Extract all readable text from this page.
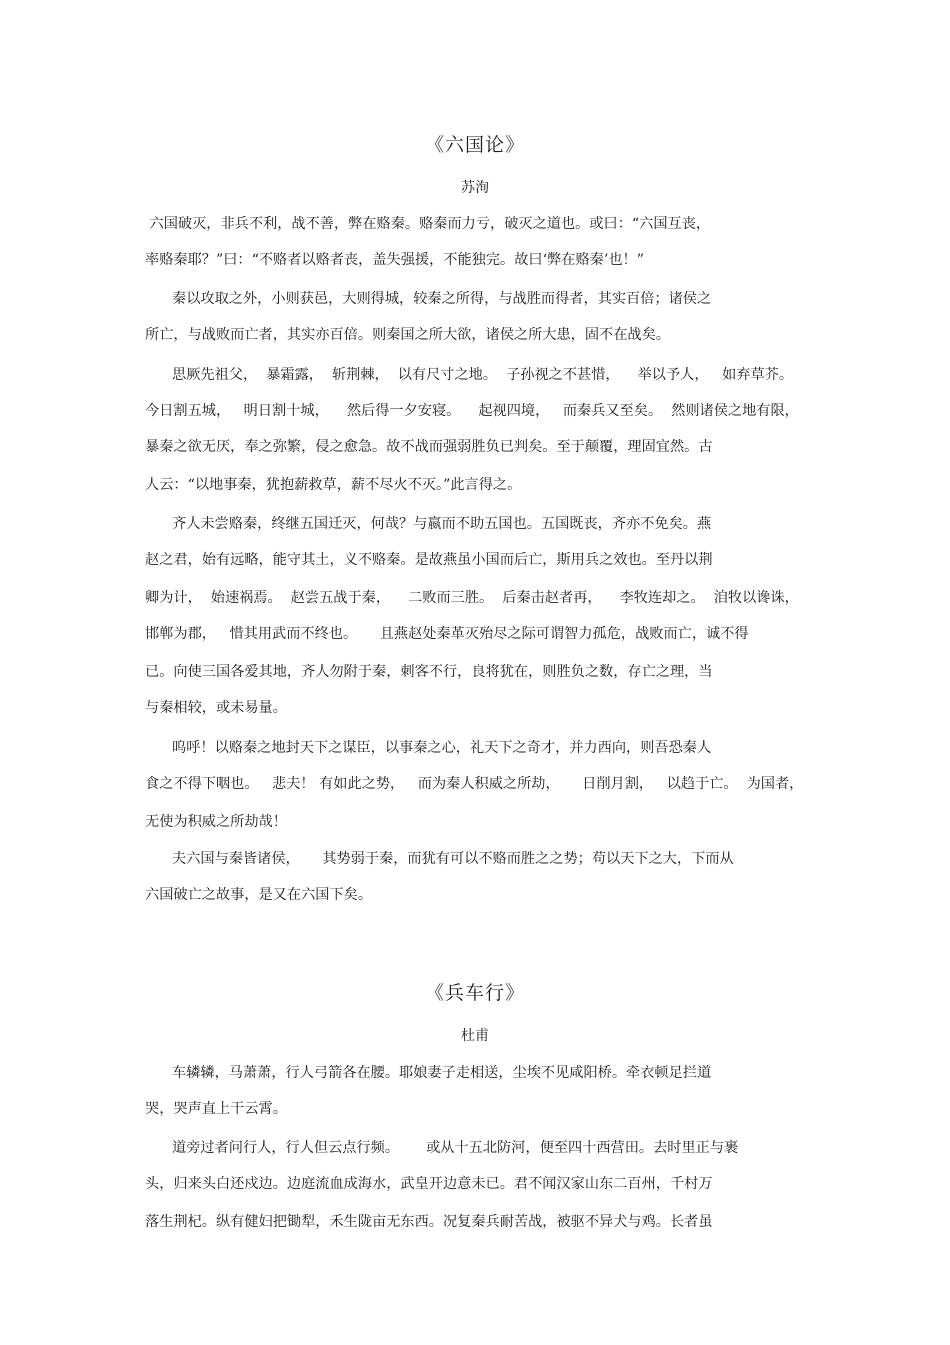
《六国论》
苏洵
六国破灭，非兵不利，战不善，弊在赂秦。赂秦而力亏，破灭之道也。或曰：“六国互丧，
率赂秦耶？”曰：“不赂者以赂者丧，盖失强援，不能独完。故曰‘弊在赂秦’也！”
秦以攻取之外，小则获邑，大则得城，较秦之所得，与战胜而得者，其实百倍；诸侯之
所亡，与战败而亡者，其实亦百倍。则秦国之所大欲，诸侯之所大患，固不在战矣。
思厥先祖父，  暴霜露，  斩荆棘，  以有尺寸之地。  子孙视之不甚惜，    举以予人，   如弃草芥。
今日割五城，   明日割十城，    然后得一夕安寝。    起视四境，   而秦兵又至矣。  然则诸侯之地有限，
暴秦之欲无厌，奉之弥繁，侵之愈急。故不战而强弱胜负已判矣。至于颠覆，理固宜然。古
人云：“以地事秦，犹抱薪救草，薪不尽火不灭。”此言得之。
齐人未尝赂秦，终继五国迁灭，何哉？与嬴而不助五国也。五国既丧，齐亦不免矣。燕
赵之君，始有远略，能守其土，义不赂秦。是故燕虽小国而后亡，斯用兵之效也。至丹以荆
卿为计，  始速祸焉。  赵尝五战于秦，    二败而三胜。  后秦击赵者再，    李牧连却之。  洎牧以谗诛，
邯郸为郡，   惜其用武而不终也。     且燕赵处秦革灭殆尽之际可谓智力孤危，战败而亡，诚不得
已。向使三国各爱其地，齐人勿附于秦，刺客不行，良将犹在，则胜负之数，存亡之理，当
与秦相较，或未易量。
呜呼！以赂秦之地封天下之谋臣，以事秦之心，礼天下之奇才，并力西向，则吾恐秦人
食之不得下咽也。   悲夫！ 有如此之势，   而为秦人积威之所劫，     日削月割，   以趋于亡。  为国者，
无使为积威之所劫哉！
夫六国与秦皆诸侯，     其势弱于秦，而犹有可以不赂而胜之之势；苟以天下之大，下而从
六国破亡之故事，是又在六国下矣。
《兵车行》
杜甫
车辚辚，马萧萧，行人弓箭各在腰。耶娘妻子走相送，尘埃不见咸阳桥。牵衣顿足拦道
哭，哭声直上干云霄。
道旁过者问行人，行人但云点行频。      或从十五北防河，便至四十西营田。去时里正与裹
头，归来头白还戍边。边庭流血成海水，武皇开边意未已。君不闻汉家山东二百州，千村万
落生荆杞。纵有健妇把锄犁，禾生陇亩无东西。况复秦兵耐苦战，被驱不异犬与鸡。长者虽
